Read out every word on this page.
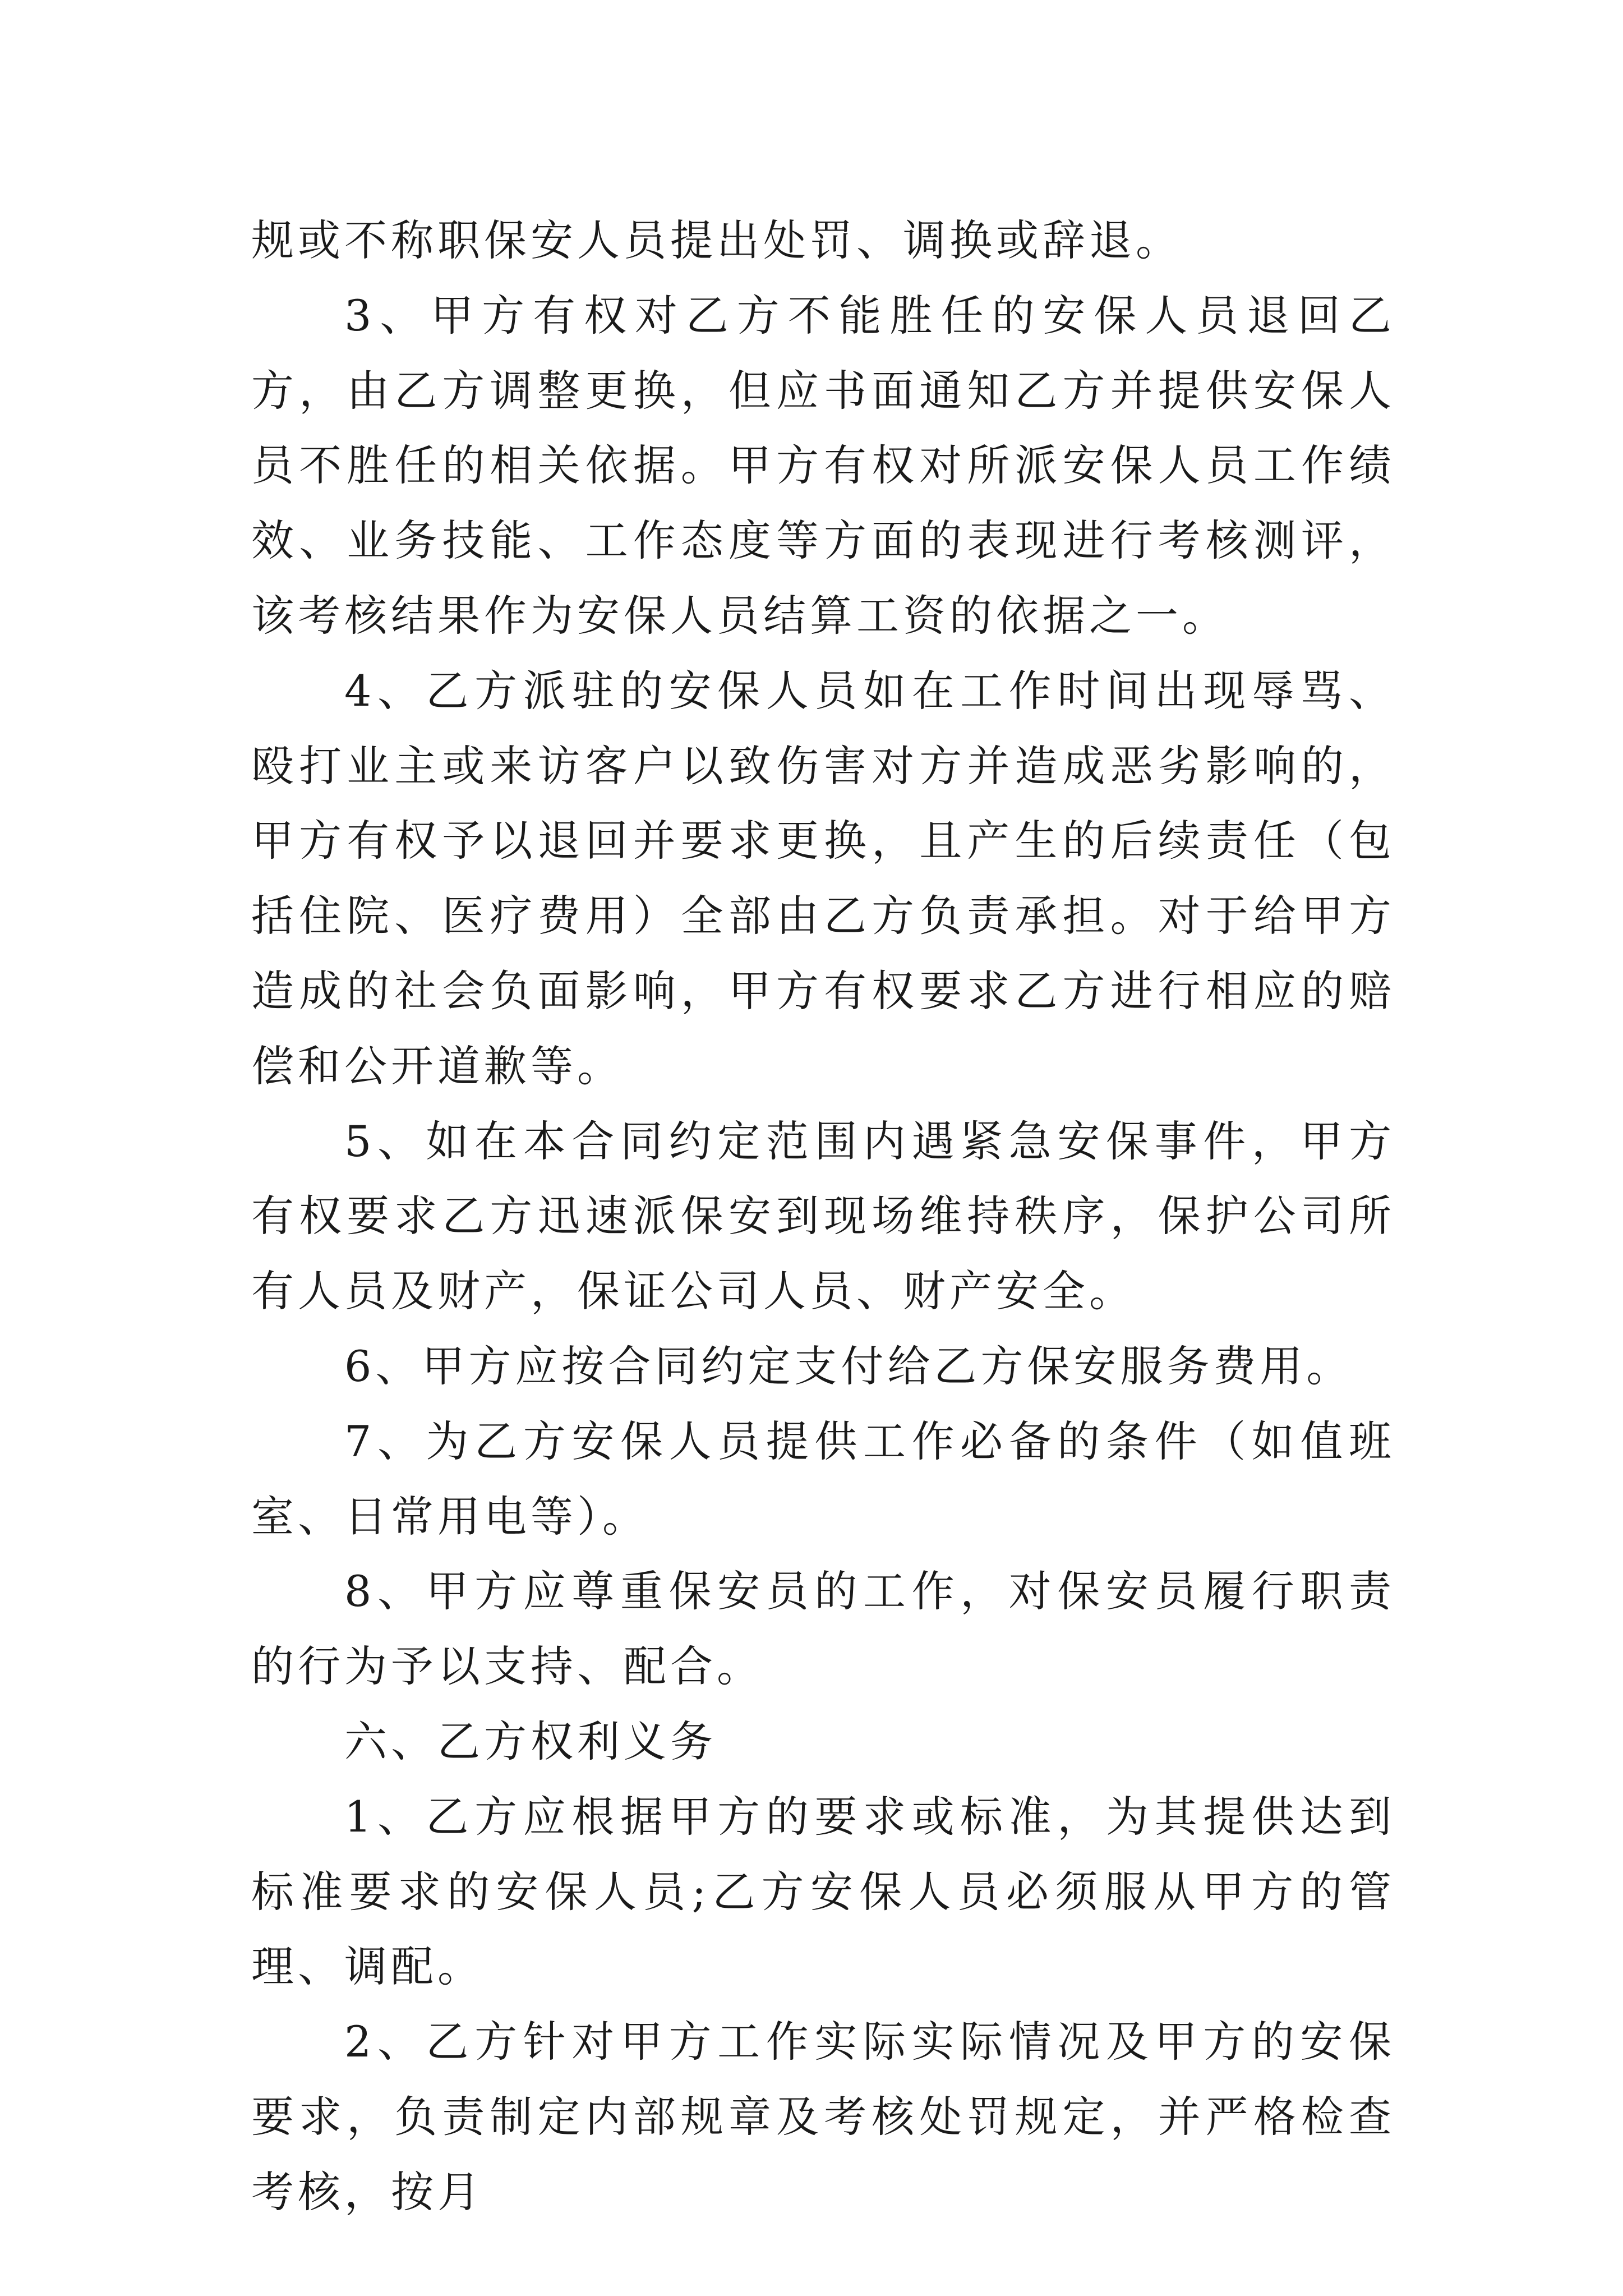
规或不称职保安人员提出处罚、调换或辞退。

3、甲方有权对乙方不能胜任的安保人员退回乙方，由乙方调整更换，但应书面通知乙方并提供安保人员不胜任的相关依据。甲方有权对所派安保人员工作绩效、业务技能、工作态度等方面的表现进行考核测评，该考核结果作为安保人员结算工资的依据之一。

4、乙方派驻的安保人员如在工作时间出现辱骂、殴打业主或来访客户以致伤害对方并造成恶劣影响的，甲方有权予以退回并要求更换，且产生的后续责任（包括住院、医疗费用）全部由乙方负责承担。对于给甲方造成的社会负面影响，甲方有权要求乙方进行相应的赔偿和公开道歉等。

5、如在本合同约定范围内遇紧急安保事件，甲方有权要求乙方迅速派保安到现场维持秩序，保护公司所有人员及财产，保证公司人员、财产安全。

6、甲方应按合同约定支付给乙方保安服务费用。

7、为乙方安保人员提供工作必备的条件（如值班室、日常用电等）。

8、甲方应尊重保安员的工作，对保安员履行职责的行为予以支持、配合。

六、乙方权利义务

1、乙方应根据甲方的要求或标准，为其提供达到标准要求的安保人员;乙方安保人员必须服从甲方的管理、调配。

2、乙方针对甲方工作实际实际情况及甲方的安保要求，负责制定内部规章及考核处罚规定，并严格检查考核，按月
